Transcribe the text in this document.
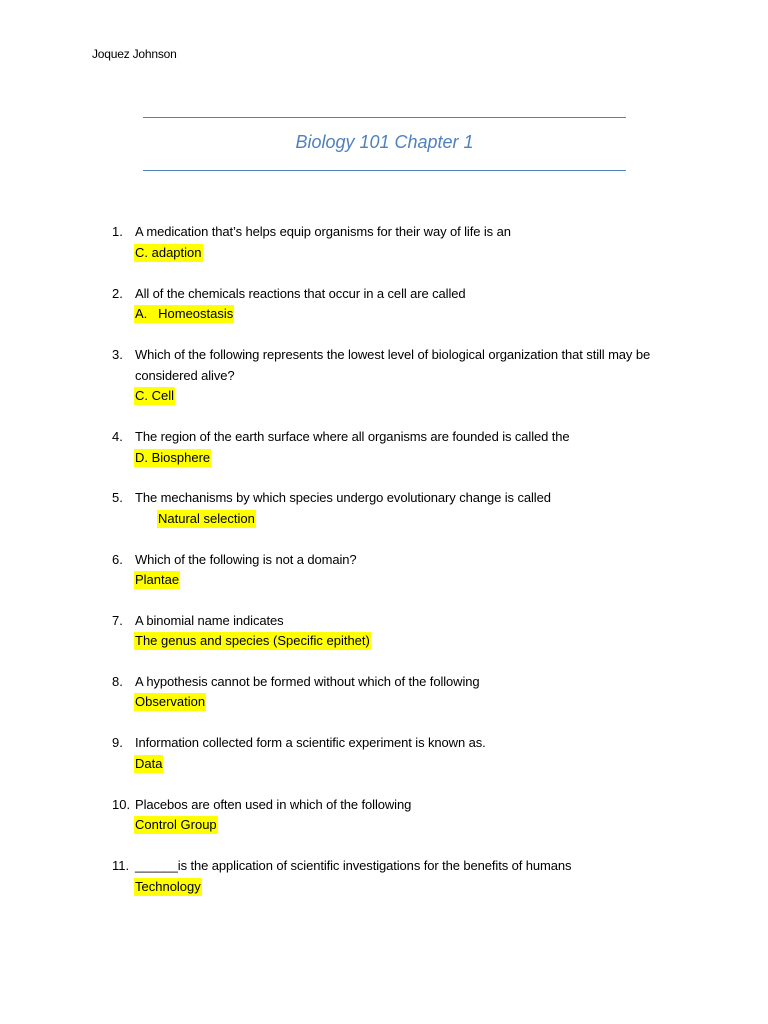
Joquez Johnson
Biology 101 Chapter 1
1. A medication that’s helps equip organisms for their way of life is an
C. adaption
2. All of the chemicals reactions that occur in a cell are called
A.   Homeostasis
3. Which of the following represents the lowest level of biological organization that still may be considered alive?
C. Cell
4. The region of the earth surface where all organisms are founded is called the
D. Biosphere
5. The mechanisms by which species undergo evolutionary change is called
Natural selection
6. Which of the following is not a domain?
Plantae
7. A binomial name indicates
The genus and species (Specific epithet)
8. A hypothesis cannot be formed without which of the following
Observation
9. Information collected form a scientific experiment is known as.
Data
10. Placebos are often used in which of the following
Control Group
11. ______is the application of scientific investigations for the benefits of humans
Technology
